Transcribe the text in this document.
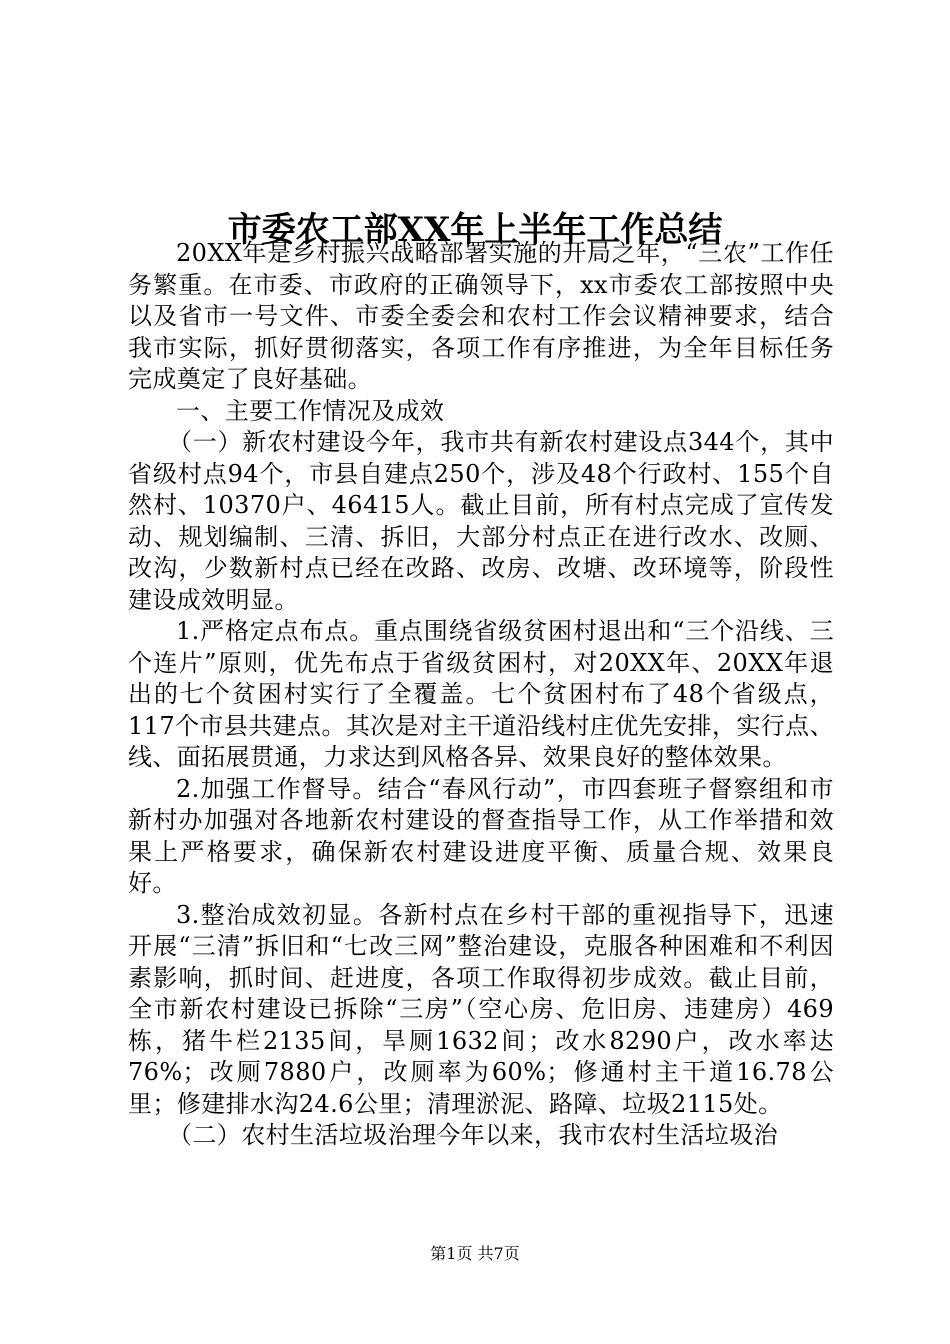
市委农工部XX年上半年工作总结

20XX年是乡村振兴战略部署实施的开局之年，“三农”工作任务繁重。在市委、市政府的正确领导下，xx市委农工部按照中央以及省市一号文件、市委全委会和农村工作会议精神要求，结合我市实际，抓好贯彻落实，各项工作有序推进，为全年目标任务完成奠定了良好基础。

一、主要工作情况及成效

（一）新农村建设今年，我市共有新农村建设点344个，其中省级村点94个，市县自建点250个，涉及48个行政村、155个自然村、10370户、46415人。截止目前，所有村点完成了宣传发动、规划编制、三清、拆旧，大部分村点正在进行改水、改厕、改沟，少数新村点已经在改路、改房、改塘、改环境等，阶段性建设成效明显。

1.严格定点布点。重点围绕省级贫困村退出和“三个沿线、三个连片”原则，优先布点于省级贫困村，对20XX年、20XX年退出的七个贫困村实行了全覆盖。七个贫困村布了48个省级点，117个市县共建点。其次是对主干道沿线村庄优先安排，实行点、线、面拓展贯通，力求达到风格各异、效果良好的整体效果。

2.加强工作督导。结合“春风行动”，市四套班子督察组和市新村办加强对各地新农村建设的督查指导工作，从工作举措和效果上严格要求，确保新农村建设进度平衡、质量合规、效果良好。

3.整治成效初显。各新村点在乡村干部的重视指导下，迅速开展“三清”拆旧和“七改三网”整治建设，克服各种困难和不利因素影响，抓时间、赶进度，各项工作取得初步成效。截止目前，全市新农村建设已拆除“三房”（空心房、危旧房、违建房）469栋，猪牛栏2135间，旱厕1632间；改水8290户，改水率达76%；改厕7880户，改厕率为60%；修通村主干道16.78公里；修建排水沟24.6公里；清理淤泥、路障、垃圾2115处。

（二）农村生活垃圾治理今年以来，我市农村生活垃圾治

第1页 共7页
